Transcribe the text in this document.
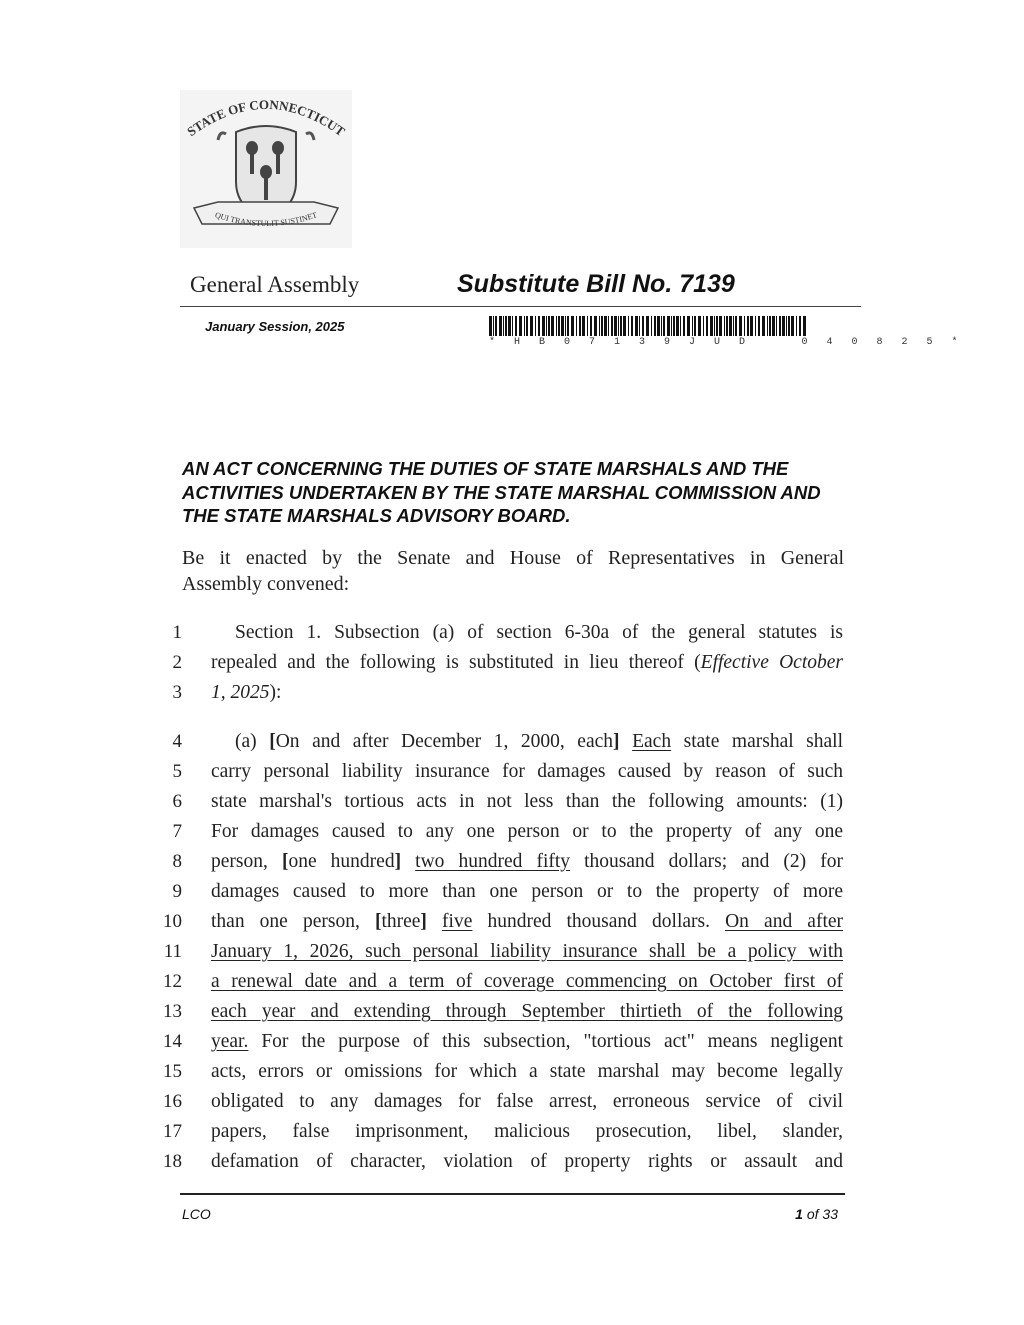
STATE OF CONNECTICUT
QUI TRANSTULIT SUSTINET
General Assembly	Substitute Bill No. 7139
January Session, 2025
* H B 0 7 1 3 9 J U D    0 4 0 8 2 5 *
AN ACT CONCERNING THE DUTIES OF STATE MARSHALS AND THE ACTIVITIES UNDERTAKEN BY THE STATE MARSHAL COMMISSION AND THE STATE MARSHALS ADVISORY BOARD.
Be it enacted by the Senate and House of Representatives in General
Assembly convened:
1	Section 1. Subsection (a) of section 6-30a of the general statutes is
2 repealed and the following is substituted in lieu thereof (Effective October
3 1, 2025):
4	(a) [On and after December 1, 2000, each] Each state marshal shall
5 carry personal liability insurance for damages caused by reason of such
6 state marshal's tortious acts in not less than the following amounts: (1)
7 For damages caused to any one person or to the property of any one
8 person, [one hundred] two hundred fifty thousand dollars; and (2) for
9 damages caused to more than one person or to the property of more
10 than one person, [three] five hundred thousand dollars. On and after
11 January 1, 2026, such personal liability insurance shall be a policy with
12 a renewal date and a term of coverage commencing on October first of
13 each year and extending through September thirtieth of the following
14 year. For the purpose of this subsection, "tortious act" means negligent
15 acts, errors or omissions for which a state marshal may become legally
16 obligated to any damages for false arrest, erroneous service of civil
17 papers, false imprisonment, malicious prosecution, libel, slander,
18 defamation of character, violation of property rights or assault and
LCO	1 of 33
